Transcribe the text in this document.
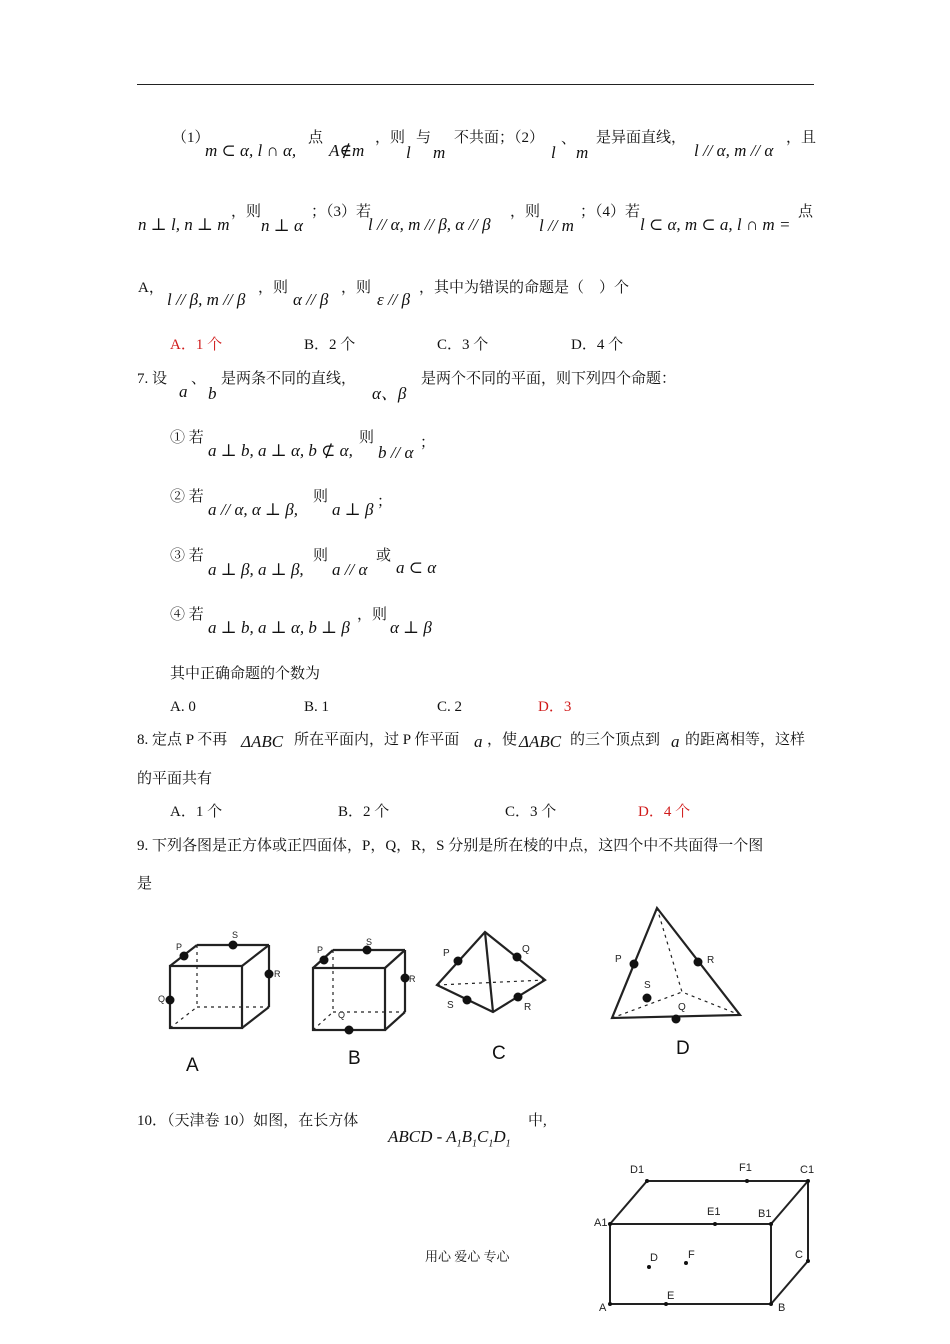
（1）
m ⊂ α, l ∩ α,
点
A∉m
，则
l
与
m
不共面；（2）
l
、
m
是异面直线，
l // α, m // α
，且
n ⊥ l, n ⊥ m
，则
n ⊥ α
；（3）若
l // α, m // β, α // β
，则
l // m
；（4）若
l ⊂ α, m ⊂ a, l ∩ m =
点
A，
l // β, m // β
，则
α // β
，则
ε // β
，其中为错误的命题是（　）个
A．1 个	B．2 个	C．3 个	D．4 个
7. 设
a
、
b
是两条不同的直线，
α、β
是两个不同的平面，则下列四个命题：
① 若
a ⊥ b, a ⊥ α, b ⊄ α,
则
b // α ；
② 若
a // α, α ⊥ β,
则
a ⊥ β ；
③ 若
a ⊥ β, a ⊥ β,
则
a // α
或
a ⊂ α
④ 若
a ⊥ b, a ⊥ α, b ⊥ β
，则
α ⊥ β
其中正确命题的个数为
A. 0	B. 1	C. 2	D．3
8. 定点 P 不再 ΔABC 所在平面内，过 P 作平面 a ，使 ΔABC 的三个顶点到 a 的距离相等，这样
的平面共有
A．1 个	B．2 个	C．3 个	D．4 个
9. 下列各图是正方体或正四面体，P，Q，R，S 分别是所在棱的中点，这四个中不共面得一个图
是
P
S
R
Q
P
S
R
Q
P	Q
S	R
P	R
S
Q
A	B	C	D
10．（天津卷 10）如图，在长方体
ABCD - $A_1B_1C_1D_1$
中,
D1	F1	C1
A1
E1	B1
D	F	C
A
E
B
用心 爱心 专心
